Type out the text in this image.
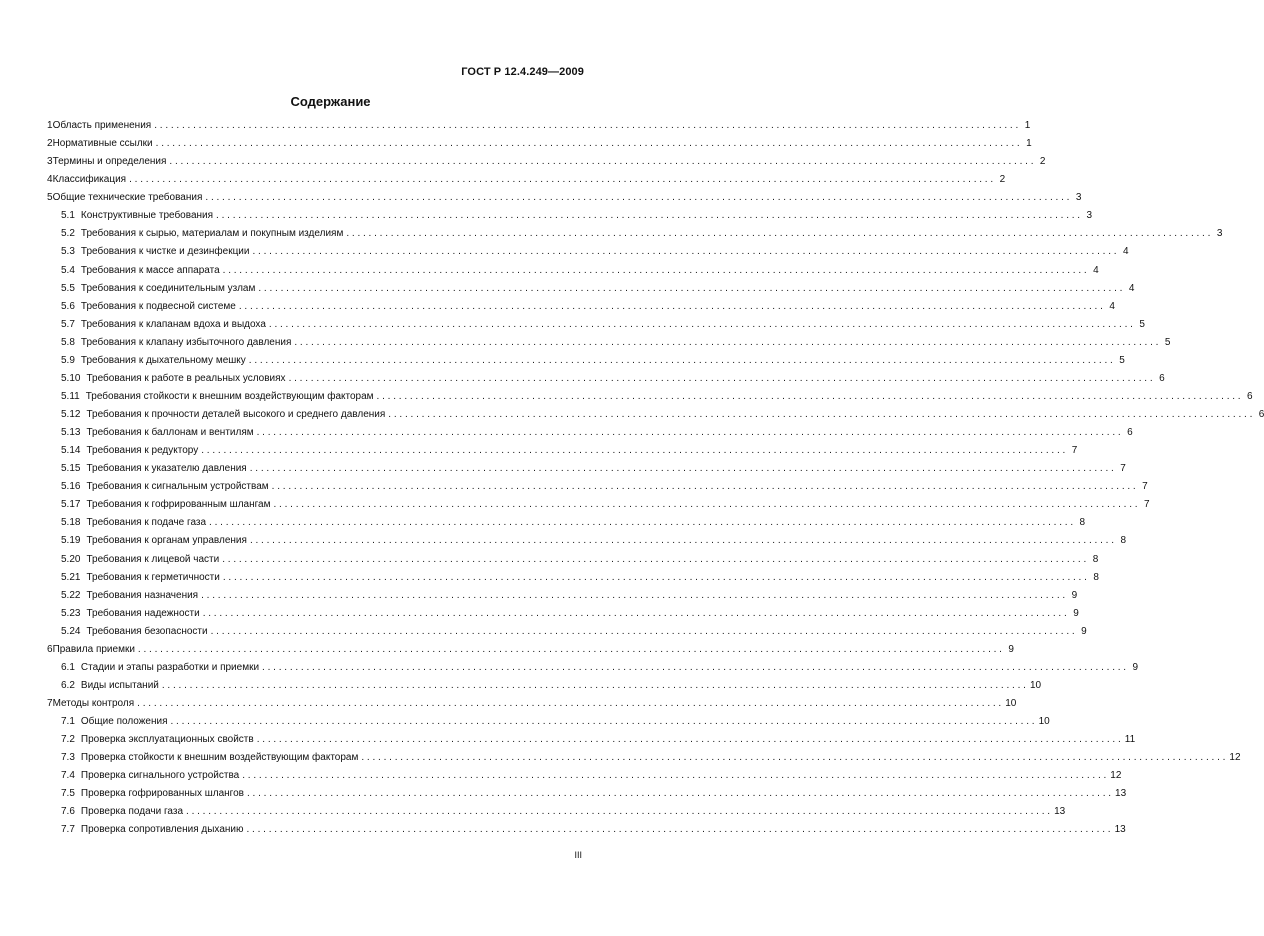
ГОСТ Р 12.4.249—2009
Содержание
1 Область применения . . .	1
2 Нормативные ссылки . . .	1
3 Термины и определения . . .	2
4 Классификация . . .	2
5 Общие технические требования . . .	3
5.1 Конструктивные требования . . .	3
5.2 Требования к сырью, материалам и покупным изделиям . . .	3
5.3 Требования к чистке и дезинфекции . . .	4
5.4 Требования к массе аппарата . . .	4
5.5 Требования к соединительным узлам . . .	4
5.6 Требования к подвесной системе . . .	4
5.7 Требования к клапанам вдоха и выдоха . . .	5
5.8 Требования к клапану избыточного давления . . .	5
5.9 Требования к дыхательному мешку . . .	5
5.10 Требования к работе в реальных условиях . . .	6
5.11 Требования стойкости к внешним воздействующим факторам . . .	6
5.12 Требования к прочности деталей высокого и среднего давления . . .	6
5.13 Требования к баллонам и вентилям . . .	6
5.14 Требования к редуктору . . .	7
5.15 Требования к указателю давления . . .	7
5.16 Требования к сигнальным устройствам . . .	7
5.17 Требования к гофрированным шлангам . . .	7
5.18 Требования к подаче газа . . .	8
5.19 Требования к органам управления . . .	8
5.20 Требования к лицевой части . . .	8
5.21 Требования к герметичности . . .	8
5.22 Требования назначения . . .	9
5.23 Требования надежности . . .	9
5.24 Требования безопасности . . .	9
6 Правила приемки . . .	9
6.1 Стадии и этапы разработки и приемки . . .	9
6.2 Виды испытаний . . .	10
7 Методы контроля . . .	10
7.1 Общие положения . . .	10
7.2 Проверка эксплуатационных свойств . . .	11
7.3 Проверка стойкости к внешним воздействующим факторам . . .	12
7.4 Проверка сигнального устройства . . .	12
7.5 Проверка гофрированных шлангов . . .	13
7.6 Проверка подачи газа . . .	13
7.7 Проверка сопротивления дыханию . . .	13
III
